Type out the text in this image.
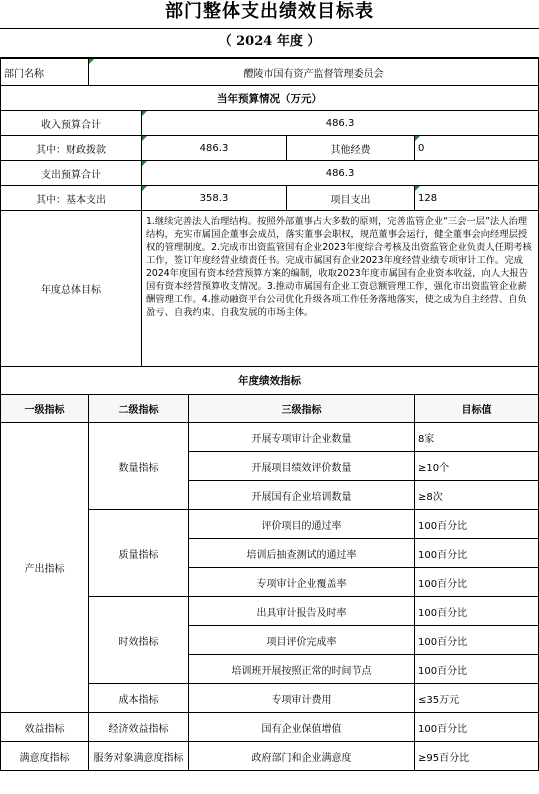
部门整体支出绩效目标表
（ 2024 年度 ）
部门名称	醴陵市国有资产监督管理委员会				
当年预算情况（万元）					
收入预算合计		486.3			
其中：财政拨款		486.3		其他经费	0
支出预算合计		486.3			
其中：基本支出		358.3		项目支出	128
年度总体目标		1.继续完善法人治理结构。按照外部董事占大多数的原则，完善监管企业“三会一层”法人治理结构，充实市属国企董事会成员，落实董事会职权，规范董事会运行，健全董事会向经理层授权的管理制度。2.完成市出资监管国有企业2023年度综合考核及出资监管企业负责人任期考核工作，签订年度经营业绩责任书。完成市属国有企业2023年度经营业绩专项审计工作。完成2024年度国有资本经营预算方案的编制，收取2023年度市属国有企业资本收益，向人大报告国有资本经营预算收支情况。3.推动市属国有企业工资总额管理工作，强化市出资监管企业薪酬管理工作。4.推动融资平台公司优化升级各项工作任务落地落实，使之成为自主经营、自负盈亏、自我约束、自我发展的市场主体。			
年度绩效指标					
一级指标	二级指标		三级指标		目标值
产出指标	数量指标		开展专项审计企业数量		8家
			开展项目绩效评价数量		≥10个
			开展国有企业培训数量		≥8次
	质量指标		评价项目的通过率		100百分比
			培训后抽查测试的通过率		100百分比
			专项审计企业覆盖率		100百分比
	时效指标		出具审计报告及时率		100百分比
			项目评价完成率		100百分比
			培训班开展按照正常的时间节点		100百分比
	成本指标		专项审计费用		≤35万元
效益指标	经济效益指标		国有企业保值增值		100百分比
满意度指标	服务对象满意度指标		政府部门和企业满意度		≥95百分比
